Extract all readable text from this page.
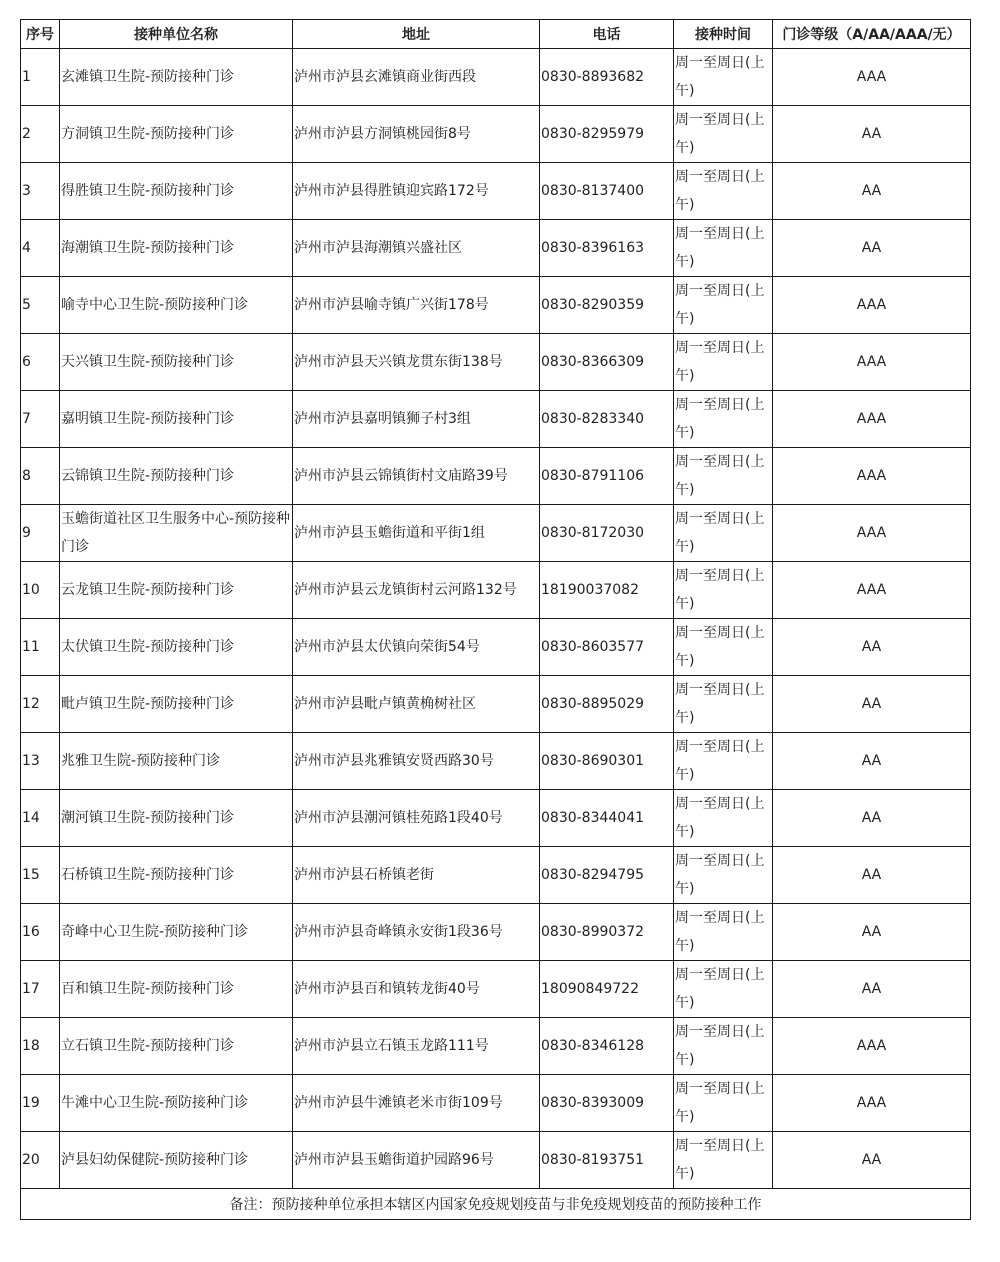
序号	接种单位名称	地址	电话	接种时间	门诊等级（A/AA/AAA/无）
1	玄滩镇卫生院-预防接种门诊	泸州市泸县玄滩镇商业街西段	0830-8893682	周一至周日(上午)	AAA
2	方洞镇卫生院-预防接种门诊	泸州市泸县方洞镇桃园街8号	0830-8295979	周一至周日(上午)	AA
3	得胜镇卫生院-预防接种门诊	泸州市泸县得胜镇迎宾路172号	0830-8137400	周一至周日(上午)	AA
4	海潮镇卫生院-预防接种门诊	泸州市泸县海潮镇兴盛社区	0830-8396163	周一至周日(上午)	AA
5	喻寺中心卫生院-预防接种门诊	泸州市泸县喻寺镇广兴街178号	0830-8290359	周一至周日(上午)	AAA
6	天兴镇卫生院-预防接种门诊	泸州市泸县天兴镇龙贯东街138号	0830-8366309	周一至周日(上午)	AAA
7	嘉明镇卫生院-预防接种门诊	泸州市泸县嘉明镇狮子村3组	0830-8283340	周一至周日(上午)	AAA
8	云锦镇卫生院-预防接种门诊	泸州市泸县云锦镇街村文庙路39号	0830-8791106	周一至周日(上午)	AAA
9	玉蟾街道社区卫生服务中心-预防接种门诊	泸州市泸县玉蟾街道和平街1组	0830-8172030	周一至周日(上午)	AAA
10	云龙镇卫生院-预防接种门诊	泸州市泸县云龙镇街村云河路132号	18190037082	周一至周日(上午)	AAA
11	太伏镇卫生院-预防接种门诊	泸州市泸县太伏镇向荣街54号	0830-8603577	周一至周日(上午)	AA
12	毗卢镇卫生院-预防接种门诊	泸州市泸县毗卢镇黄桷树社区	0830-8895029	周一至周日(上午)	AA
13	兆雅卫生院-预防接种门诊	泸州市泸县兆雅镇安贤西路30号	0830-8690301	周一至周日(上午)	AA
14	潮河镇卫生院-预防接种门诊	泸州市泸县潮河镇桂苑路1段40号	0830-8344041	周一至周日(上午)	AA
15	石桥镇卫生院-预防接种门诊	泸州市泸县石桥镇老街	0830-8294795	周一至周日(上午)	AA
16	奇峰中心卫生院-预防接种门诊	泸州市泸县奇峰镇永安街1段36号	0830-8990372	周一至周日(上午)	AA
17	百和镇卫生院-预防接种门诊	泸州市泸县百和镇转龙街40号	18090849722	周一至周日(上午)	AA
18	立石镇卫生院-预防接种门诊	泸州市泸县立石镇玉龙路111号	0830-8346128	周一至周日(上午)	AAA
19	牛滩中心卫生院-预防接种门诊	泸州市泸县牛滩镇老米市街109号	0830-8393009	周一至周日(上午)	AAA
20	泸县妇幼保健院-预防接种门诊	泸州市泸县玉蟾街道护园路96号	0830-8193751	周一至周日(上午)	AA
备注：预防接种单位承担本辖区内国家免疫规划疫苗与非免疫规划疫苗的预防接种工作					
